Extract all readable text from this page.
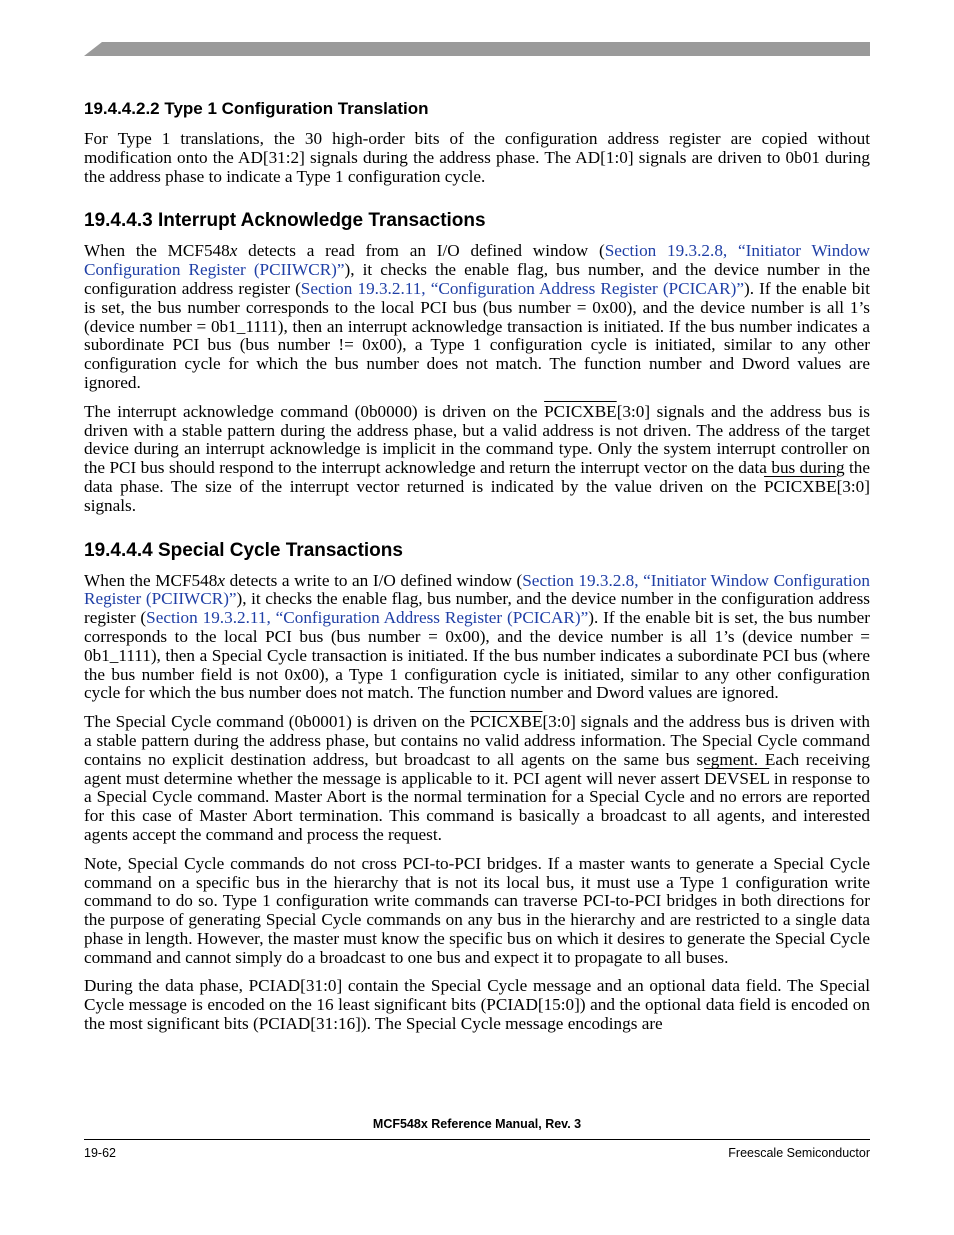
19.4.4.2.2 Type 1 Configuration Translation

For Type 1 translations, the 30 high-order bits of the configuration address register are copied without modification onto the AD[31:2] signals during the address phase. The AD[1:0] signals are driven to 0b01 during the address phase to indicate a Type 1 configuration cycle.

19.4.4.3 Interrupt Acknowledge Transactions

When the MCF548x detects a read from an I/O defined window (Section 19.3.2.8, “Initiator Window Configuration Register (PCIIWCR)”), it checks the enable flag, bus number, and the device number in the configuration address register (Section 19.3.2.11, “Configuration Address Register (PCICAR)”). If the enable bit is set, the bus number corresponds to the local PCI bus (bus number = 0x00), and the device number is all 1’s (device number = 0b1_1111), then an interrupt acknowledge transaction is initiated. If the bus number indicates a subordinate PCI bus (bus number != 0x00), a Type 1 configuration cycle is initiated, similar to any other configuration cycle for which the bus number does not match. The function number and Dword values are ignored.

The interrupt acknowledge command (0b0000) is driven on the PCICXBE[3:0] signals and the address bus is driven with a stable pattern during the address phase, but a valid address is not driven. The address of the target device during an interrupt acknowledge is implicit in the command type. Only the system interrupt controller on the PCI bus should respond to the interrupt acknowledge and return the interrupt vector on the data bus during the data phase. The size of the interrupt vector returned is indicated by the value driven on the PCICXBE[3:0] signals.

19.4.4.4 Special Cycle Transactions

When the MCF548x detects a write to an I/O defined window (Section 19.3.2.8, “Initiator Window Configuration Register (PCIIWCR)”), it checks the enable flag, bus number, and the device number in the configuration address register (Section 19.3.2.11, “Configuration Address Register (PCICAR)”). If the enable bit is set, the bus number corresponds to the local PCI bus (bus number = 0x00), and the device number is all 1’s (device number = 0b1_1111), then a Special Cycle transaction is initiated. If the bus number indicates a subordinate PCI bus (where the bus number field is not 0x00), a Type 1 configuration cycle is initiated, similar to any other configuration cycle for which the bus number does not match. The function number and Dword values are ignored.

The Special Cycle command (0b0001) is driven on the PCICXBE[3:0] signals and the address bus is driven with a stable pattern during the address phase, but contains no valid address information. The Special Cycle command contains no explicit destination address, but broadcast to all agents on the same bus segment. Each receiving agent must determine whether the message is applicable to it. PCI agent will never assert DEVSEL in response to a Special Cycle command. Master Abort is the normal termination for a Special Cycle and no errors are reported for this case of Master Abort termination. This command is basically a broadcast to all agents, and interested agents accept the command and process the request.

Note, Special Cycle commands do not cross PCI-to-PCI bridges. If a master wants to generate a Special Cycle command on a specific bus in the hierarchy that is not its local bus, it must use a Type 1 configuration write command to do so. Type 1 configuration write commands can traverse PCI-to-PCI bridges in both directions for the purpose of generating Special Cycle commands on any bus in the hierarchy and are restricted to a single data phase in length. However, the master must know the specific bus on which it desires to generate the Special Cycle command and cannot simply do a broadcast to one bus and expect it to propagate to all buses.

During the data phase, PCIAD[31:0] contain the Special Cycle message and an optional data field. The Special Cycle message is encoded on the 16 least significant bits (PCIAD[15:0]) and the optional data field is encoded on the most significant bits (PCIAD[31:16]). The Special Cycle message encodings are

MCF548x Reference Manual, Rev. 3
19-62	Freescale Semiconductor
